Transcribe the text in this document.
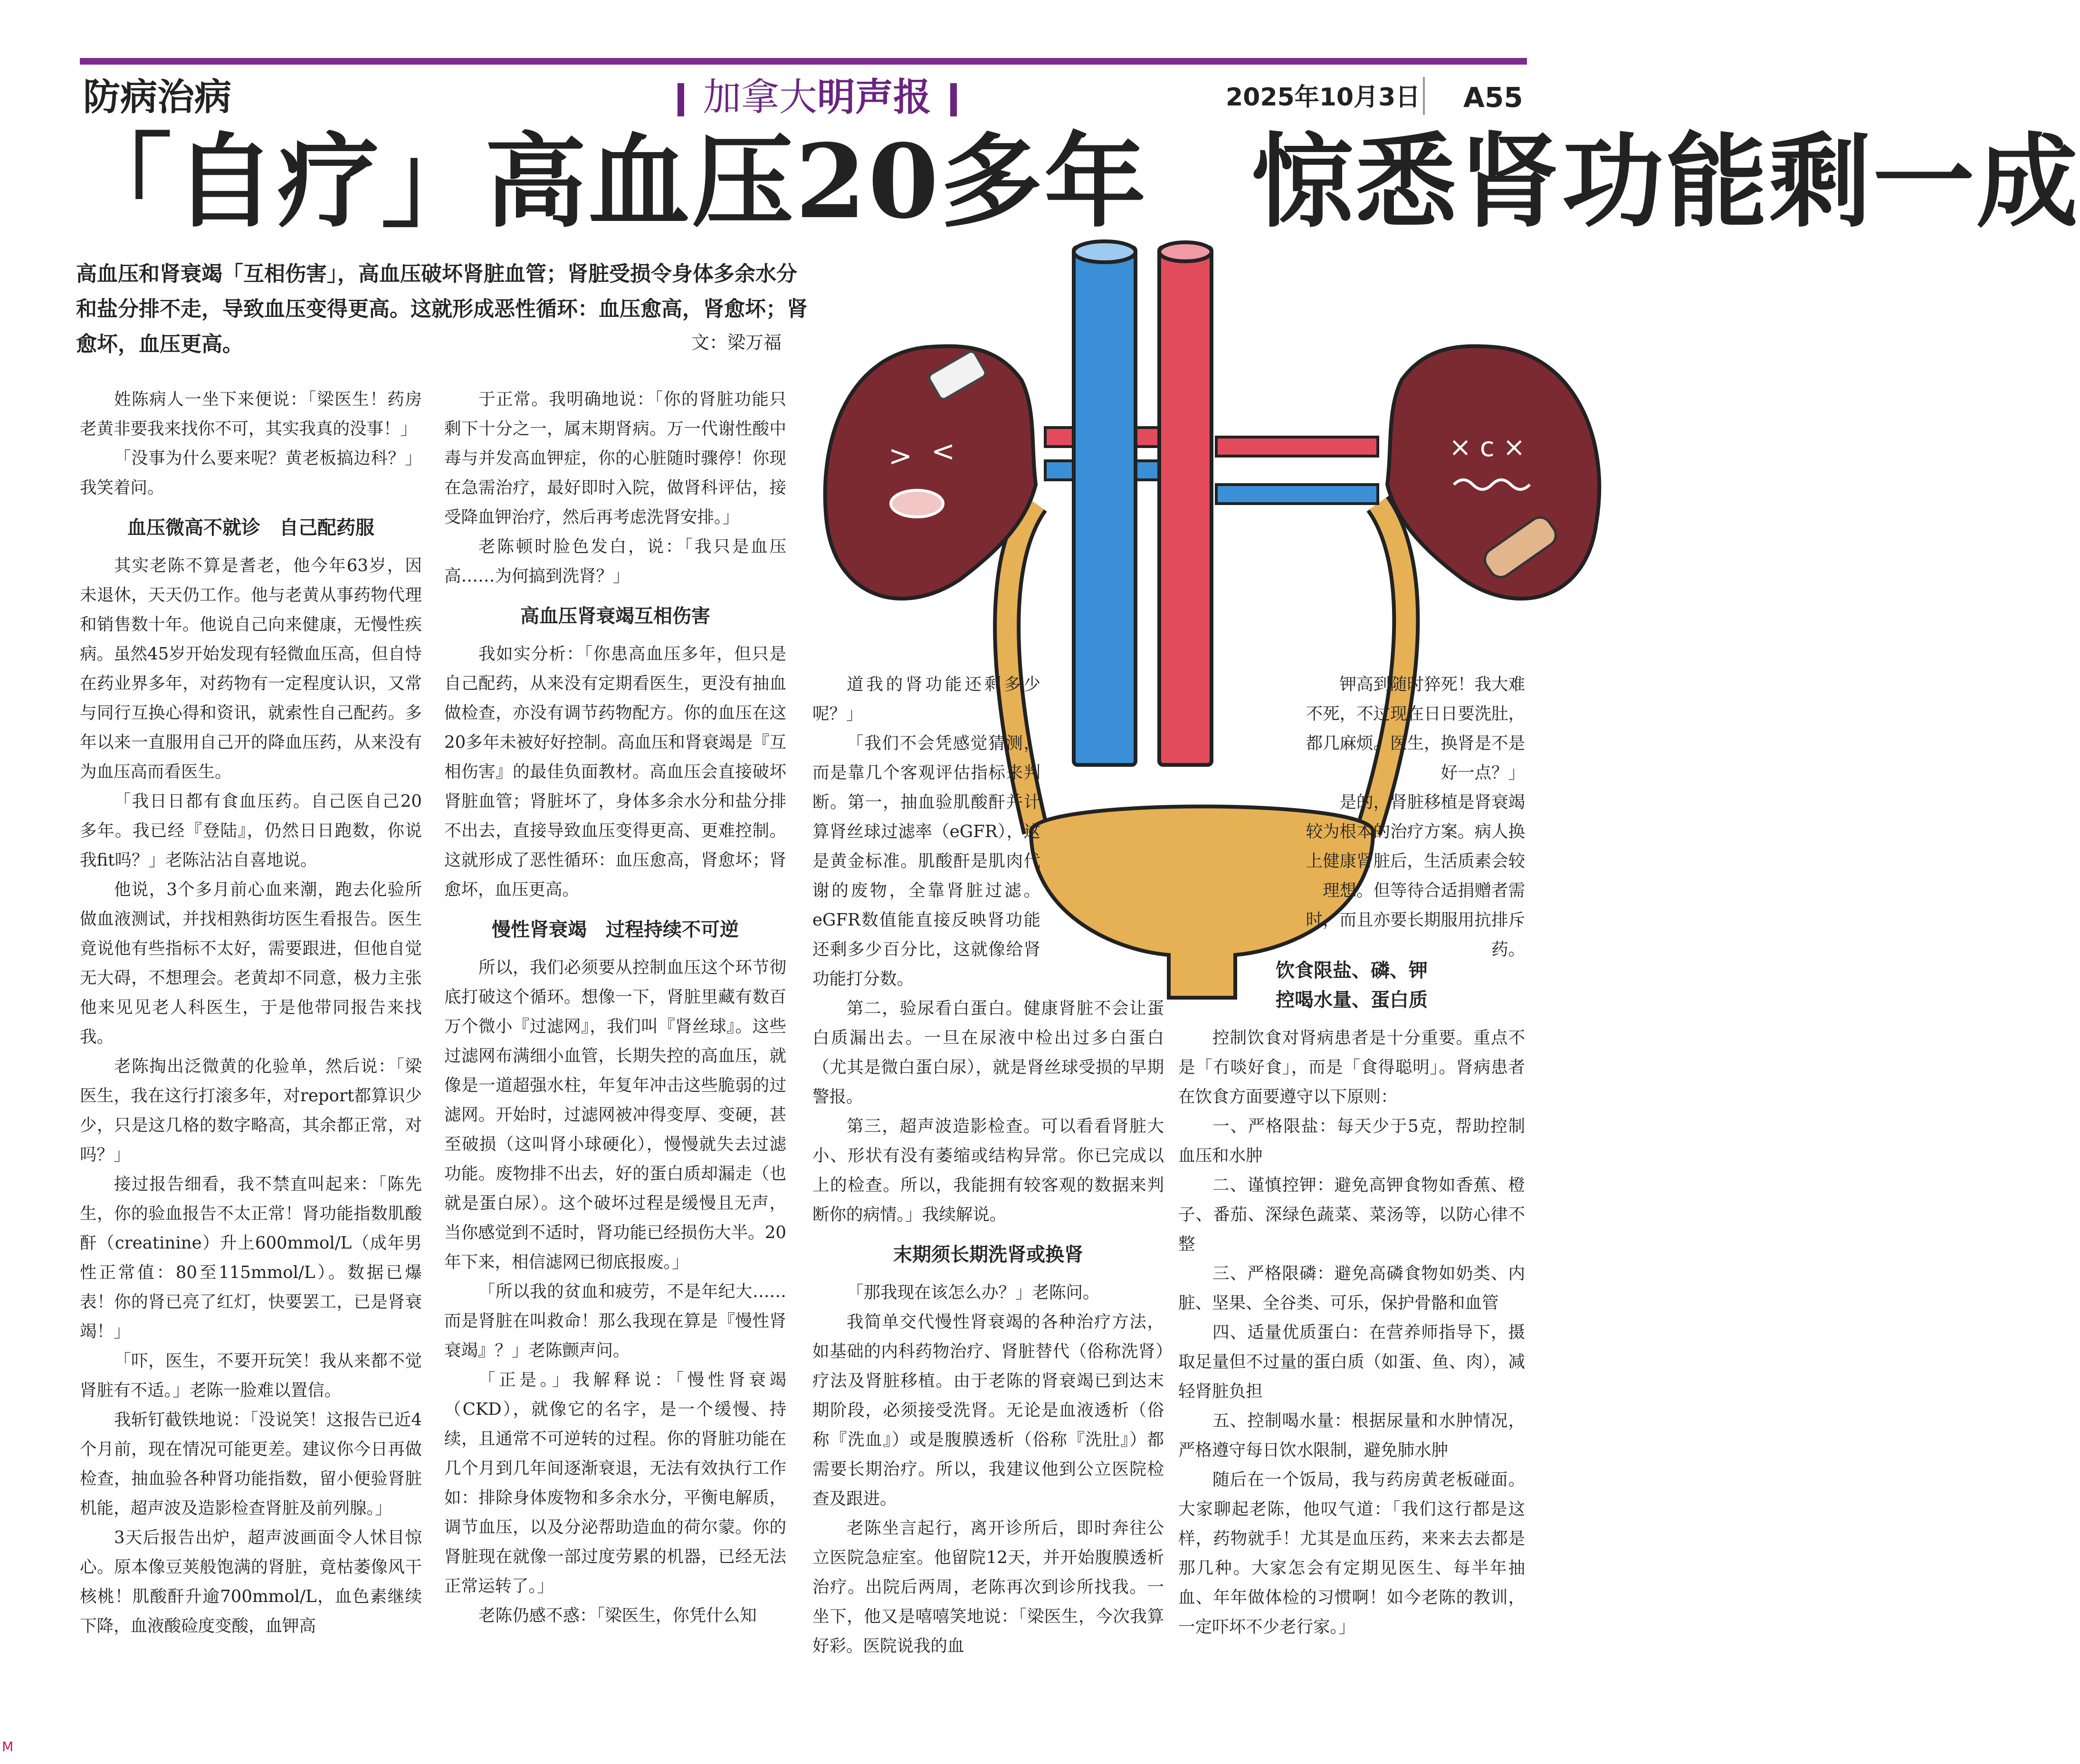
防病治病	加拿大明声报	2025年10月3日 A55
「自疗」高血压20多年　惊悉肾功能剩一成
高血压和肾衰竭「互相伤害」，高血压破坏肾脏血管；肾脏受损令身体多余水分和盐分排不走，导致血压变得更高。这就形成恶性循环：血压愈高，肾愈坏；肾愈坏，血压更高。	文：梁万福
> <	× c ×

姓陈病人一坐下来便说：「梁医生！药房老黄非要我来找你不可，其实我真的没事！」

「没事为什么要来呢？黄老板搞边科？」我笑着问。

血压微高不就诊　自己配药服

其实老陈不算是耆老，他今年63岁，因未退休，天天仍工作。他与老黄从事药物代理和销售数十年。他说自己向来健康，无慢性疾病。虽然45岁开始发现有轻微血压高，但自恃在药业界多年，对药物有一定程度认识，又常与同行互换心得和资讯，就索性自己配药。多年以来一直服用自己开的降血压药，从来没有为血压高而看医生。

「我日日都有食血压药。自己医自己20多年。我已经『登陆』，仍然日日跑数，你说我fit吗？」老陈沾沾自喜地说。

他说，3个多月前心血来潮，跑去化验所做血液测试，并找相熟街坊医生看报告。医生竟说他有些指标不太好，需要跟进，但他自觉无大碍，不想理会。老黄却不同意，极力主张他来见见老人科医生，于是他带同报告来找我。

老陈掏出泛微黄的化验单，然后说：「梁医生，我在这行打滚多年，对report都算识少少，只是这几格的数字略高，其余都正常，对吗？」

接过报告细看，我不禁直叫起来：「陈先生，你的验血报告不太正常！肾功能指数肌酸酐（creatinine）升上600mmol/L（成年男性正常值：80至115mmol/L）。数据已爆表！你的肾已亮了红灯，快要罢工，已是肾衰竭！」

「吓，医生，不要开玩笑！我从来都不觉肾脏有不适。」老陈一脸难以置信。

我斩钉截铁地说：「没说笑！这报告已近4个月前，现在情况可能更差。建议你今日再做检查，抽血验各种肾功能指数，留小便验肾脏机能，超声波及造影检查肾脏及前列腺。」

3天后报告出炉，超声波画面令人怵目惊心。原本像豆荚般饱满的肾脏，竟枯萎像风干核桃！肌酸酐升逾700mmol/L，血色素继续下降，血液酸硷度变酸，血钾高

于正常。我明确地说：「你的肾脏功能只剩下十分之一，属末期肾病。万一代谢性酸中毒与并发高血钾症，你的心脏随时骤停！你现在急需治疗，最好即时入院，做肾科评估，接受降血钾治疗，然后再考虑洗肾安排。」

老陈顿时脸色发白，说：「我只是血压高……为何搞到洗肾？」

高血压肾衰竭互相伤害

我如实分析：「你患高血压多年，但只是自己配药，从来没有定期看医生，更没有抽血做检查，亦没有调节药物配方。你的血压在这20多年未被好好控制。高血压和肾衰竭是『互相伤害』的最佳负面教材。高血压会直接破坏肾脏血管；肾脏坏了，身体多余水分和盐分排不出去，直接导致血压变得更高、更难控制。这就形成了恶性循环：血压愈高，肾愈坏；肾愈坏，血压更高。

慢性肾衰竭　过程持续不可逆

所以，我们必须要从控制血压这个环节彻底打破这个循环。想像一下，肾脏里藏有数百万个微小『过滤网』，我们叫『肾丝球』。这些过滤网布满细小血管，长期失控的高血压，就像是一道超强水柱，年复年冲击这些脆弱的过滤网。开始时，过滤网被冲得变厚、变硬，甚至破损（这叫肾小球硬化），慢慢就失去过滤功能。废物排不出去，好的蛋白质却漏走（也就是蛋白尿）。这个破坏过程是缓慢且无声，当你感觉到不适时，肾功能已经损伤大半。20年下来，相信滤网已彻底报废。」

「所以我的贫血和疲劳，不是年纪大……而是肾脏在叫救命！那么我现在算是『慢性肾衰竭』？」老陈颤声问。

「正是。」我解释说：「慢性肾衰竭（CKD），就像它的名字，是一个缓慢、持续，且通常不可逆转的过程。你的肾脏功能在几个月到几年间逐渐衰退，无法有效执行工作如：排除身体废物和多余水分，平衡电解质，调节血压，以及分泌帮助造血的荷尔蒙。你的肾脏现在就像一部过度劳累的机器，已经无法正常运转了。」

老陈仍感不惑：「梁医生，你凭什么知

道我的肾功能还剩多少呢？」

「我们不会凭感觉猜测，而是靠几个客观评估指标来判断。第一，抽血验肌酸酐并计算肾丝球过滤率（eGFR），这是黄金标准。肌酸酐是肌肉代谢的废物，全靠肾脏过滤。eGFR数值能直接反映肾功能还剩多少百分比，这就像给肾功能打分数。

第二，验尿看白蛋白。健康肾脏不会让蛋白质漏出去。一旦在尿液中检出过多白蛋白（尤其是微白蛋白尿），就是肾丝球受损的早期警报。

第三，超声波造影检查。可以看看肾脏大小、形状有没有萎缩或结构异常。你已完成以上的检查。所以，我能拥有较客观的数据来判断你的病情。」我续解说。

末期须长期洗肾或换肾

「那我现在该怎么办？」老陈问。

我简单交代慢性肾衰竭的各种治疗方法，如基础的内科药物治疗、肾脏替代（俗称洗肾）疗法及肾脏移植。由于老陈的肾衰竭已到达末期阶段，必须接受洗肾。无论是血液透析（俗称『洗血』）或是腹膜透析（俗称『洗肚』）都需要长期治疗。所以，我建议他到公立医院检查及跟进。

老陈坐言起行，离开诊所后，即时奔往公立医院急症室。他留院12天，并开始腹膜透析治疗。出院后两周，老陈再次到诊所找我。一坐下，他又是嘻嘻笑地说：「梁医生，今次我算好彩。医院说我的血

钾高到随时猝死！我大难不死，不过现在日日要洗肚，都几麻烦。医生，换肾是不是好一点？」

是的，肾脏移植是肾衰竭较为根本的治疗方案。病人换上健康肾脏后，生活质素会较理想。但等待合适捐赠者需时，而且亦要长期服用抗排斥药。

饮食限盐、磷、钾
控喝水量、蛋白质

控制饮食对肾病患者是十分重要。重点不是「冇啖好食」，而是「食得聪明」。肾病患者在饮食方面要遵守以下原则：

一、严格限盐：每天少于5克，帮助控制血压和水肿

二、谨慎控钾：避免高钾食物如香蕉、橙子、番茄、深绿色蔬菜、菜汤等，以防心律不整

三、严格限磷：避免高磷食物如奶类、内脏、坚果、全谷类、可乐，保护骨骼和血管

四、适量优质蛋白：在营养师指导下，摄取足量但不过量的蛋白质（如蛋、鱼、肉），减轻肾脏负担

五、控制喝水量：根据尿量和水肿情况，严格遵守每日饮水限制，避免肺水肿

随后在一个饭局，我与药房黄老板碰面。大家聊起老陈，他叹气道：「我们这行都是这样，药物就手！尤其是血压药，来来去去都是那几种。大家怎会有定期见医生、每半年抽血、年年做体检的习惯啊！如今老陈的教训，一定吓坏不少老行家。」

M
